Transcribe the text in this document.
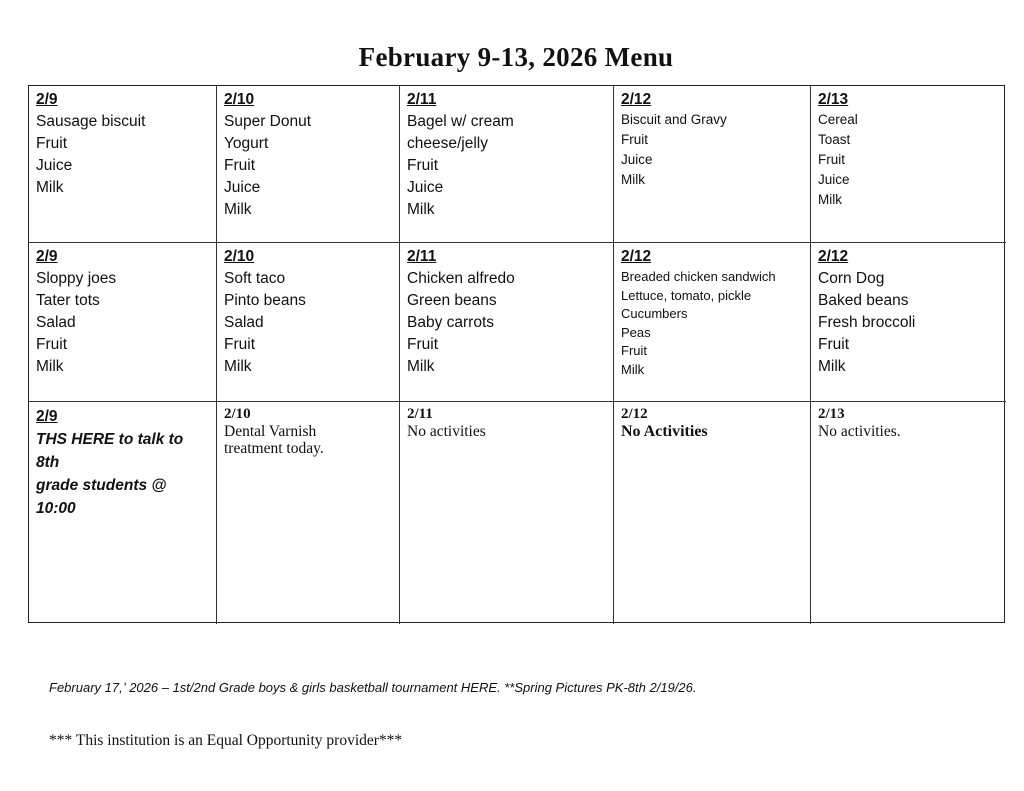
February 9-13, 2026 Menu
2/9
Sausage biscuit
Fruit
Juice
Milk
2/10
Super Donut
Yogurt
Fruit
Juice
Milk
2/11
Bagel w/ cream
cheese/jelly
Fruit
Juice
Milk
2/12
Biscuit and Gravy
Fruit
Juice
Milk
2/13
Cereal
Toast
Fruit
Juice
Milk
2/9
Sloppy joes
Tater tots
Salad
Fruit
Milk
2/10
Soft taco
Pinto beans
Salad
Fruit
Milk
2/11
Chicken alfredo
Green beans
Baby carrots
Fruit
Milk
2/12
Breaded chicken sandwich
Lettuce, tomato, pickle
Cucumbers
Peas
Fruit
Milk
2/12
Corn Dog
Baked beans
Fresh broccoli
Fruit
Milk
2/9
THS HERE to talk to 8th
grade students @
10:00
2/10
Dental Varnish
treatment today.
2/11
No activities
2/12
No Activities
2/13
No activities.
February 17,ʼ 2026 – 1st/2nd Grade boys & girls basketball tournament HERE. **Spring Pictures PK-8th 2/19/26.
*** This institution is an Equal Opportunity provider***
